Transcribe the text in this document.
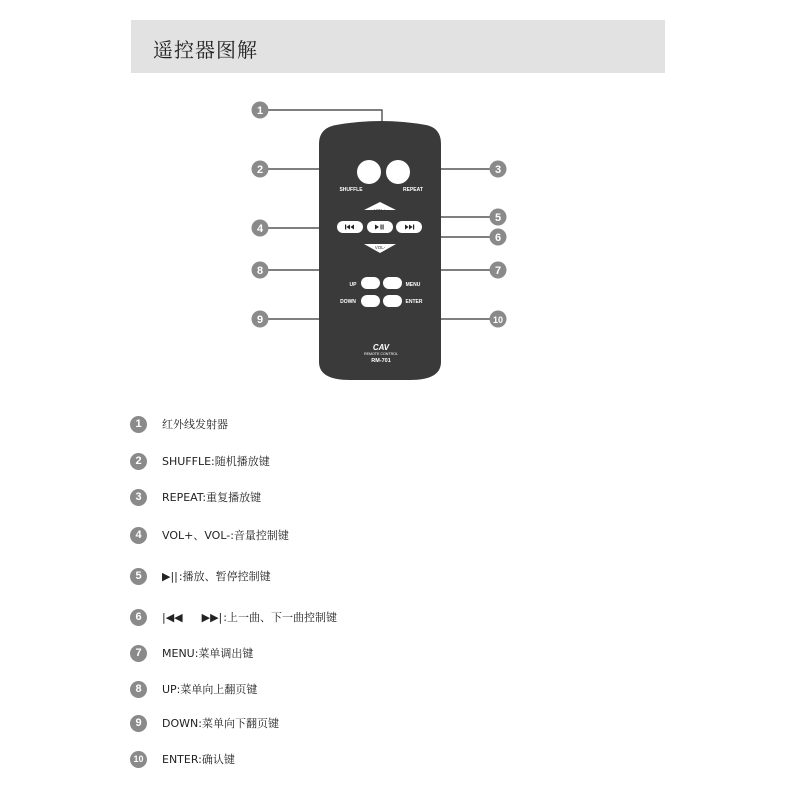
遥控器图解
SHUFFLE	REPEAT
VOL+
VOL-
UP	MENU
DOWN	ENTER
CAV
REMOTE CONTROL
RM-701
1
2	3
4
5
6
7
8
9	10
1	红外线发射器
2	SHUFFLE:随机播放键
3	REPEAT:重复播放键
4	VOL+、VOL-:音量控制键
5	▶||:播放、暂停控制键
6	|◀◀ ▶▶|:上一曲、下一曲控制键
7	MENU:菜单调出键
8	UP:菜单向上翻页键
9	DOWN:菜单向下翻页键
10	ENTER:确认键
